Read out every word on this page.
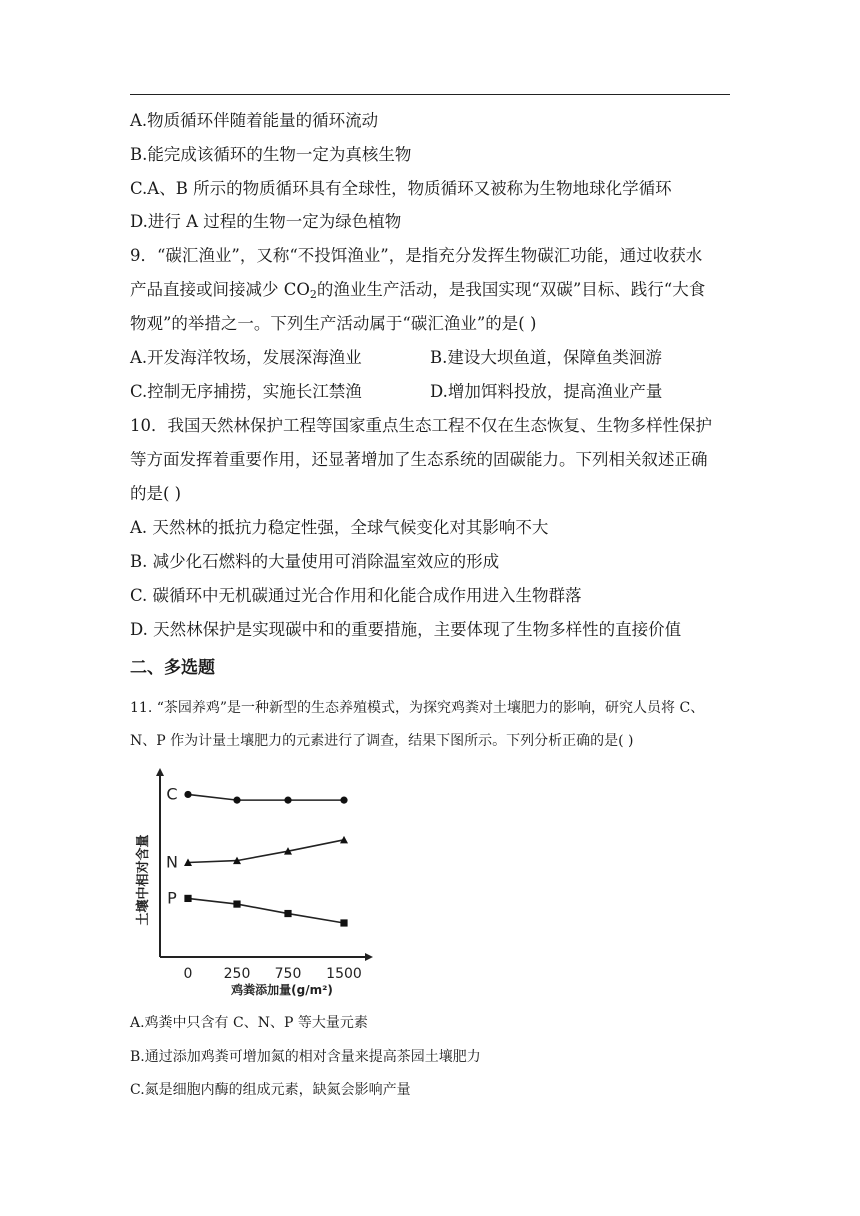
A.物质循环伴随着能量的循环流动
B.能完成该循环的生物一定为真核生物
C.A、B 所示的物质循环具有全球性，物质循环又被称为生物地球化学循环
D.进行 A 过程的生物一定为绿色植物
9．“碳汇渔业”，又称“不投饵渔业”，是指充分发挥生物碳汇功能，通过收获水
产品直接或间接减少 $CO_2$的渔业生产活动，是我国实现“双碳”目标、践行“大食
物观”的举措之一。下列生产活动属于“碳汇渔业”的是( )
A.开发海洋牧场，发展深海渔业	B.建设大坝鱼道，保障鱼类洄游
C.控制无序捕捞，实施长江禁渔	D.增加饵料投放，提高渔业产量
10．我国天然林保护工程等国家重点生态工程不仅在生态恢复、生物多样性保护
等方面发挥着重要作用，还显著增加了生态系统的固碳能力。下列相关叙述正确
的是( )
A. 天然林的抵抗力稳定性强，全球气候变化对其影响不大
B. 减少化石燃料的大量使用可消除温室效应的形成
C. 碳循环中无机碳通过光合作用和化能合成作用进入生物群落
D. 天然林保护是实现碳中和的重要措施，主要体现了生物多样性的直接价值
二、多选题
11. “茶园养鸡”是一种新型的生态养殖模式，为探究鸡粪对土壤肥力的影响，研究人员将 C、
N、P 作为计量土壤肥力的元素进行了调查，结果下图所示。下列分析正确的是( )
土壤中相对含量
C
N
P
0 250 750 1500
鸡粪添加量(g/m²)
A.鸡粪中只含有 C、N、P 等大量元素
B.通过添加鸡粪可增加氮的相对含量来提高茶园土壤肥力
C.氮是细胞内酶的组成元素，缺氮会影响产量
